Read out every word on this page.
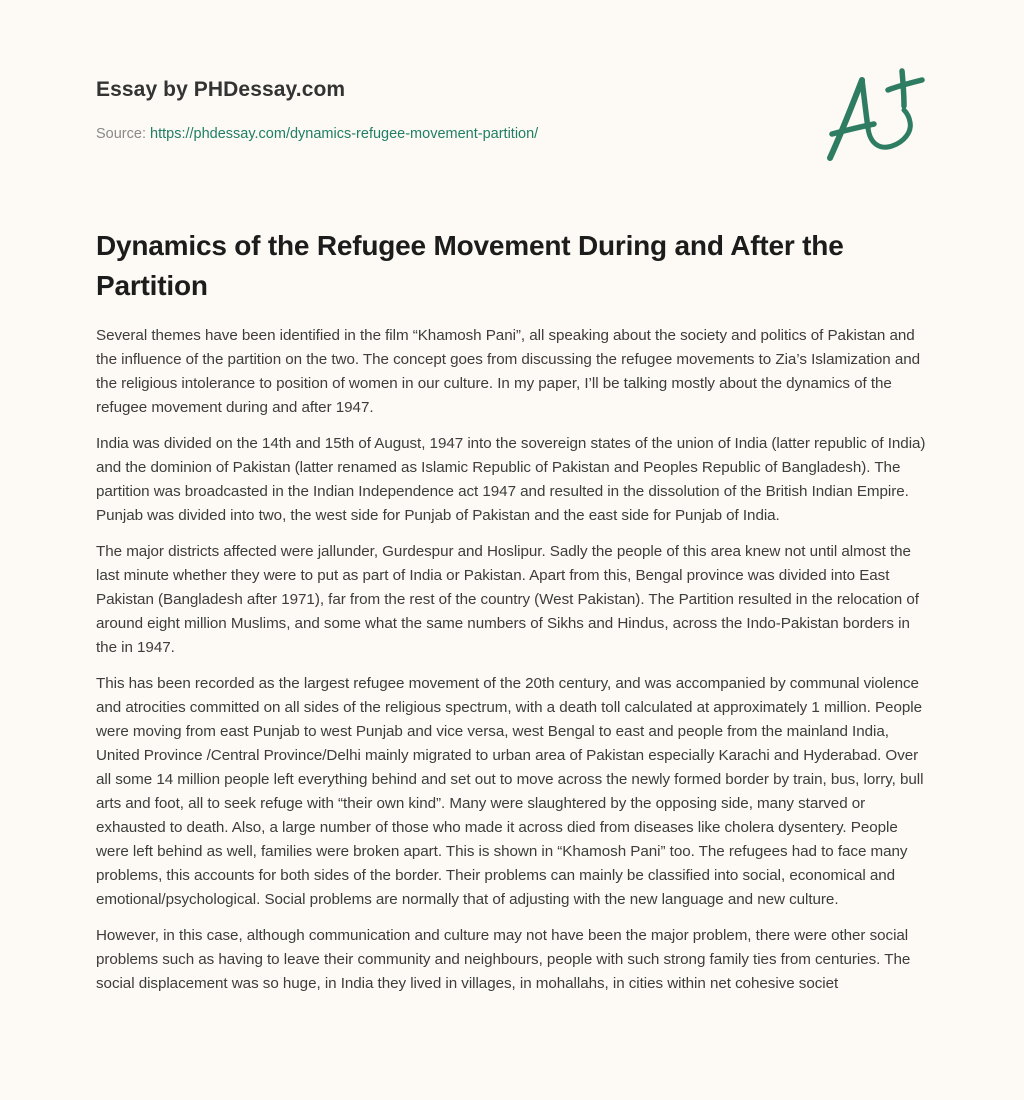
Essay by PHDessay.com
Source: https://phdessay.com/dynamics-refugee-movement-partition/
Dynamics of the Refugee Movement During and After the Partition

Several themes have been identified in the film “Khamosh Pani”, all speaking about the society and politics of Pakistan and the influence of the partition on the two. The concept goes from discussing the refugee movements to Zia’s Islamization and the religious intolerance to position of women in our culture. In my paper, I’ll be talking mostly about the dynamics of the refugee movement during and after 1947.

India was divided on the 14th and 15th of August, 1947 into the sovereign states of the union of India (latter republic of India) and the dominion of Pakistan (latter renamed as Islamic Republic of Pakistan and Peoples Republic of Bangladesh). The partition was broadcasted in the Indian Independence act 1947 and resulted in the dissolution of the British Indian Empire. Punjab was divided into two, the west side for Punjab of Pakistan and the east side for Punjab of India.

The major districts affected were jallunder, Gurdespur and Hoslipur. Sadly the people of this area knew not until almost the last minute whether they were to put as part of India or Pakistan. Apart from this, Bengal province was divided into East Pakistan (Bangladesh after 1971), far from the rest of the country (West Pakistan). The Partition resulted in the relocation of around eight million Muslims, and some what the same numbers of Sikhs and Hindus, across the Indo-Pakistan borders in the in 1947.

This has been recorded as the largest refugee movement of the 20th century, and was accompanied by communal violence and atrocities committed on all sides of the religious spectrum, with a death toll calculated at approximately 1 million. People were moving from east Punjab to west Punjab and vice versa, west Bengal to east and people from the mainland India, United Province /Central Province/Delhi mainly migrated to urban area of Pakistan especially Karachi and Hyderabad. Over all some 14 million people left everything behind and set out to move across the newly formed border by train, bus, lorry, bull arts and foot, all to seek refuge with “their own kind”. Many were slaughtered by the opposing side, many starved or exhausted to death. Also, a large number of those who made it across died from diseases like cholera dysentery. People were left behind as well, families were broken apart. This is shown in “Khamosh Pani” too. The refugees had to face many problems, this accounts for both sides of the border. Their problems can mainly be classified into social, economical and emotional/psychological. Social problems are normally that of adjusting with the new language and new culture.

However, in this case, although communication and culture may not have been the major problem, there were other social problems such as having to leave their community and neighbours, people with such strong family ties from centuries. The social displacement was so huge, in India they lived in villages, in mohallahs, in cities within net cohesive societ
